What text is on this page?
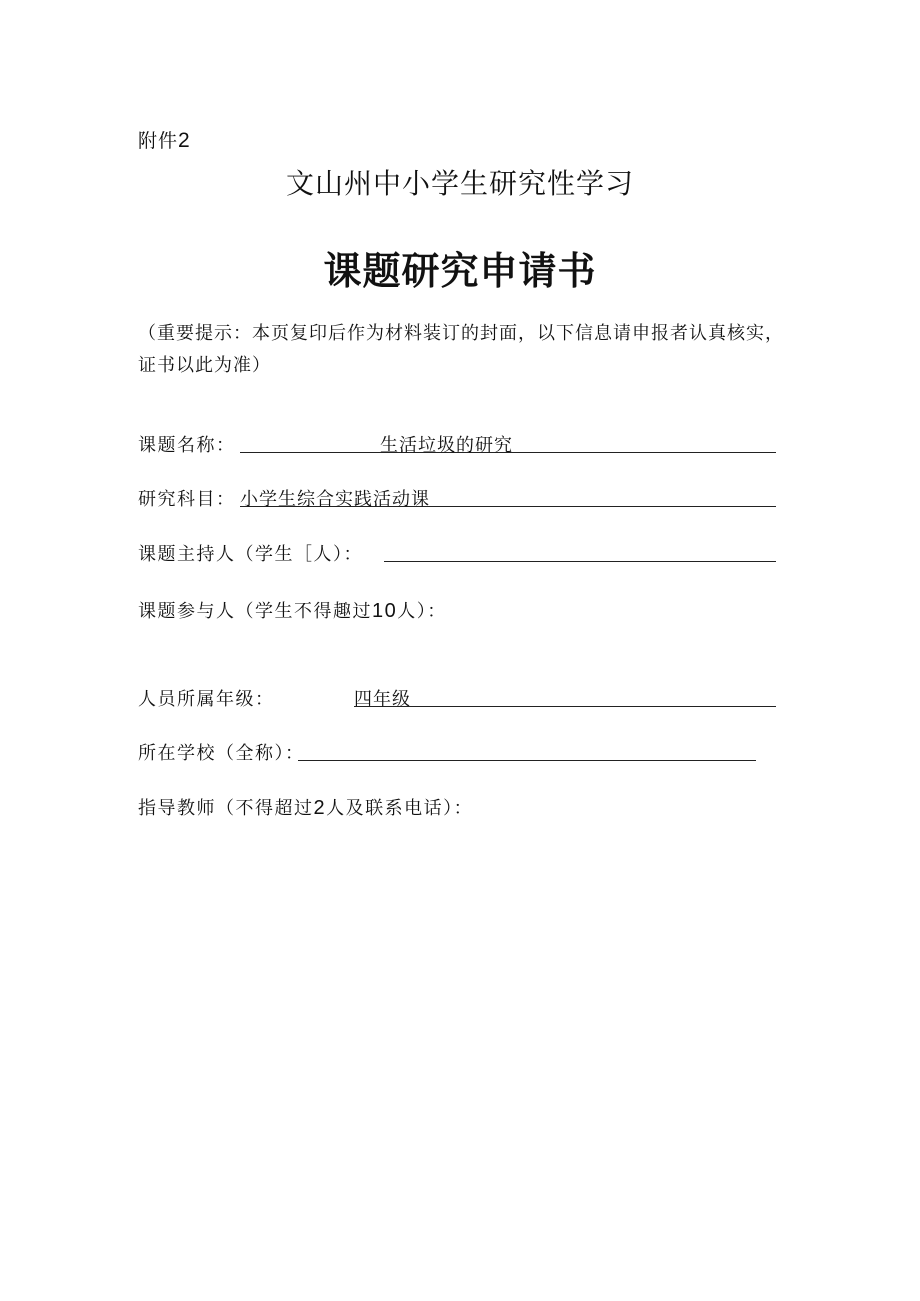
附件2
文山州中小学生研究性学习
课题研究申请书
（重要提示：本页复印后作为材料装订的封面，以下信息请申报者认真核实，证书以此为准）
课题名称：	生活垃圾的研究
研究科目： 小学生综合实践活动课
课题主持人（学生［人）：
课题参与人（学生不得趣过10人）：
人员所属年级：	四年级
所在学校（全称）：
指导教师（不得超过2人及联系电话）：
